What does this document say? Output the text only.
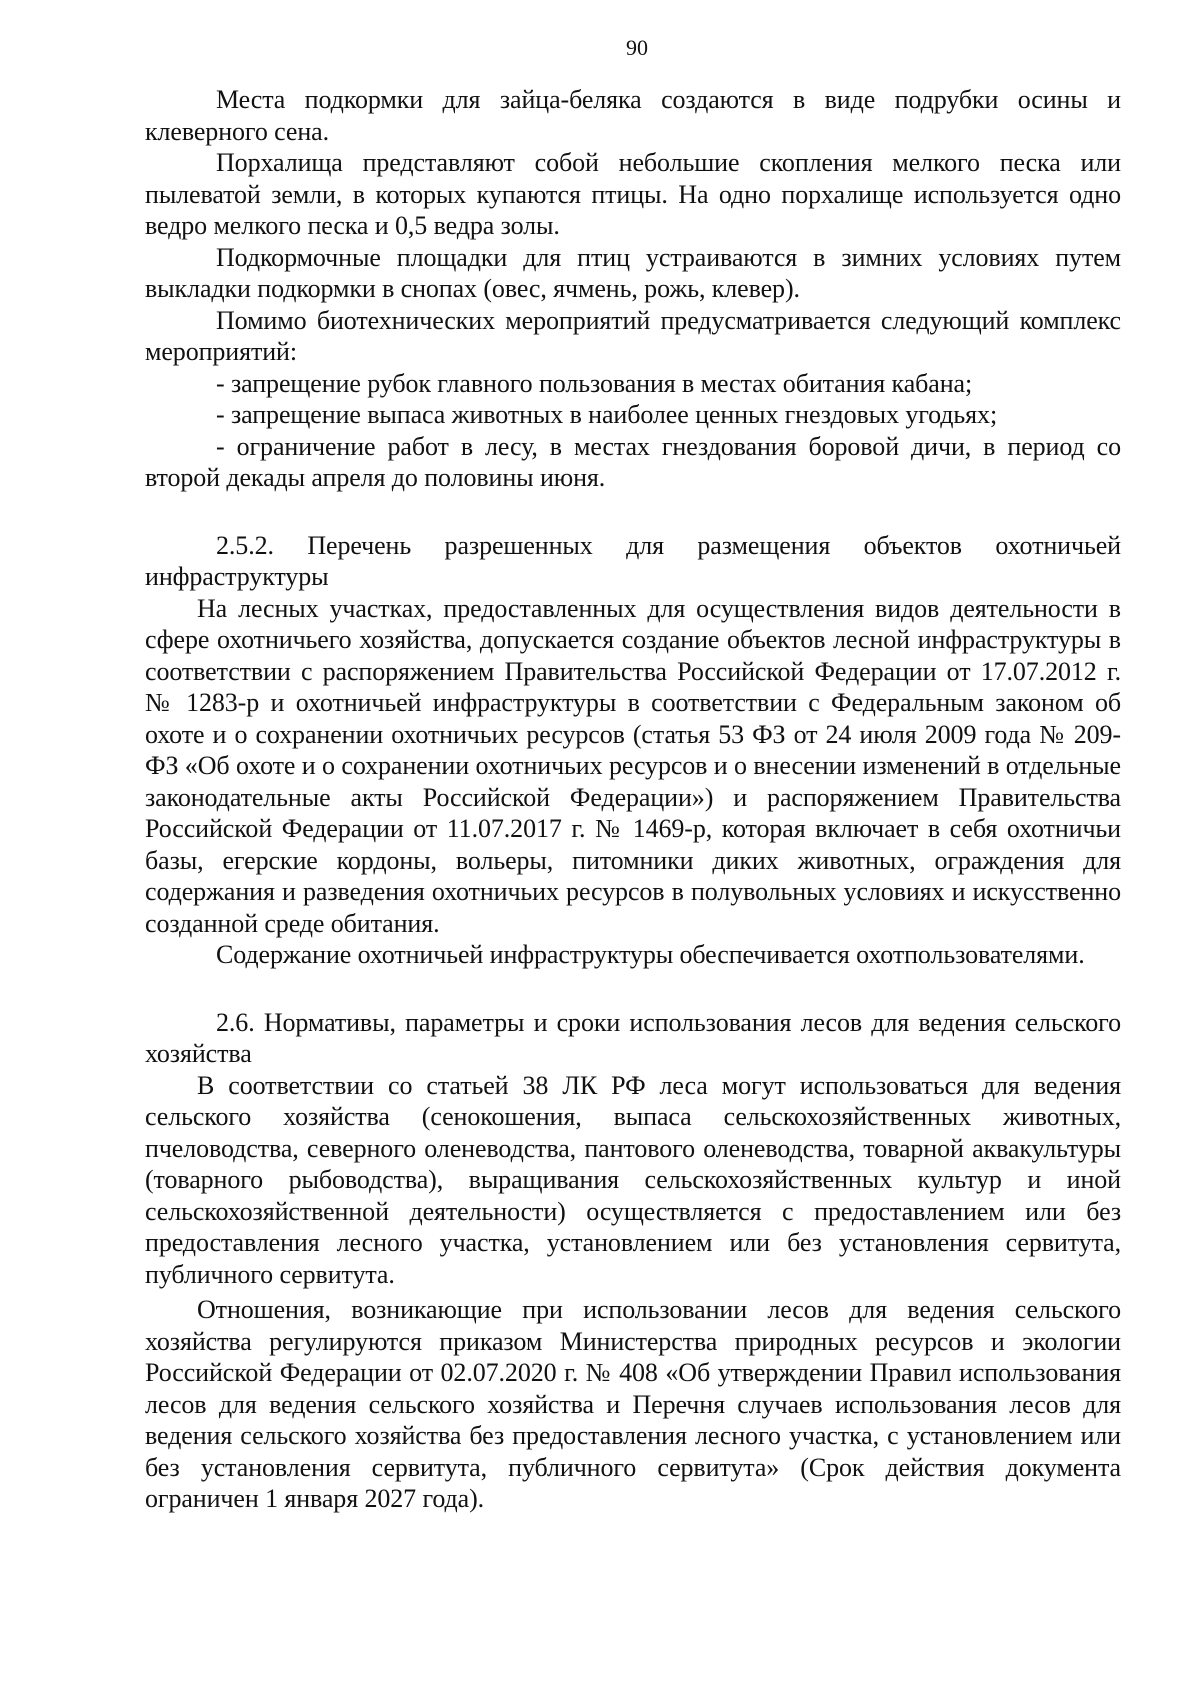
90

Места подкормки для зайца-беляка создаются в виде подрубки осины и клеверного сена.

Порхалища представляют собой небольшие скопления мелкого песка или пылеватой земли, в которых купаются птицы. На одно порхалище используется одно ведро мелкого песка и 0,5 ведра золы.

Подкормочные площадки для птиц устраиваются в зимних условиях путем выкладки подкормки в снопах (овес, ячмень, рожь, клевер).

Помимо биотехнических мероприятий предусматривается следующий комплекс мероприятий:

- запрещение рубок главного пользования в местах обитания кабана;

- запрещение выпаса животных в наиболее ценных гнездовых угодьях;

- ограничение работ в лесу, в местах гнездования боровой дичи, в период со второй декады апреля до половины июня.

2.5.2. Перечень разрешенных для размещения объектов охотничьей инфраструктуры

На лесных участках, предоставленных для осуществления видов деятельности в сфере охотничьего хозяйства, допускается создание объектов лесной инфраструктуры в соответствии с распоряжением Правительства Российской Федерации от 17.07.2012 г. № 1283-р и охотничьей инфраструктуры в соответствии с Федеральным законом об охоте и о сохранении охотничьих ресурсов (статья 53 ФЗ от 24 июля 2009 года № 209-ФЗ «Об охоте и о сохранении охотничьих ресурсов и о внесении изменений в отдельные законодательные акты Российской Федерации») и распоряжением Правительства Российской Федерации от 11.07.2017 г. № 1469-р, которая включает в себя охотничьи базы, егерские кордоны, вольеры, питомники диких животных, ограждения для содержания и разведения охотничьих ресурсов в полувольных условиях и искусственно созданной среде обитания.

Содержание охотничьей инфраструктуры обеспечивается охотпользователями.

2.6. Нормативы, параметры и сроки использования лесов для ведения сельского хозяйства

В соответствии со статьей 38 ЛК РФ леса могут использоваться для ведения сельского хозяйства (сенокошения, выпаса сельскохозяйственных животных, пчеловодства, северного оленеводства, пантового оленеводства, товарной аквакультуры (товарного рыбоводства), выращивания сельскохозяйственных культур и иной сельскохозяйственной деятельности) осуществляется с предоставлением или без предоставления лесного участка, установлением или без установления сервитута, публичного сервитута.

Отношения, возникающие при использовании лесов для ведения сельского хозяйства регулируются приказом Министерства природных ресурсов и экологии Российской Федерации от 02.07.2020 г. № 408 «Об утверждении Правил использования лесов для ведения сельского хозяйства и Перечня случаев использования лесов для ведения сельского хозяйства без предоставления лесного участка, с установлением или без установления сервитута, публичного сервитута» (Срок действия документа ограничен 1 января 2027 года).
